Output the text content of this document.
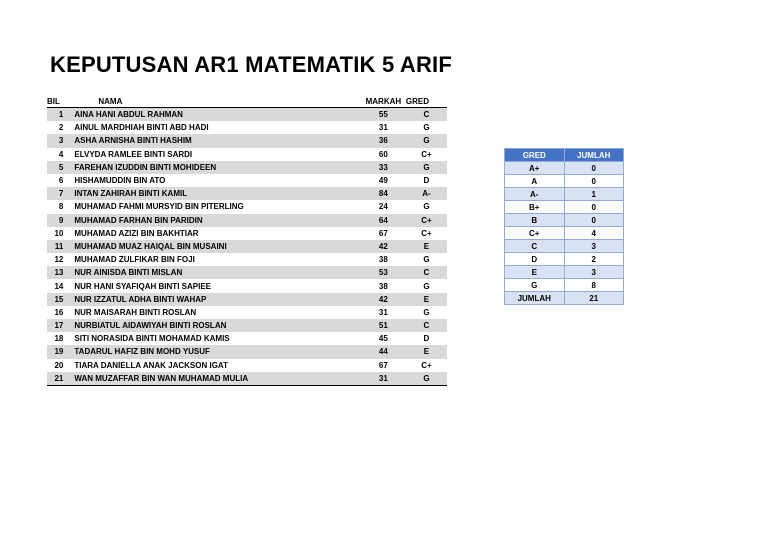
KEPUTUSAN AR1 MATEMATIK 5 ARIF
BIL	NAMA	MARKAH	GRED
1	AINA HANI ABDUL RAHMAN	55	C
2	AINUL MARDHIAH BINTI ABD HADI	31	G
3	ASHA ARNISHA BINTI HASHIM	36	G
4	ELVYDA RAMLEE BINTI SARDI	60	C+
5	FAREHAN IZUDDIN BINTI MOHIDEEN	33	G
6	HISHAMUDDIN BIN ATO	49	D
7	INTAN ZAHIRAH BINTI KAMIL	84	A-
8	MUHAMAD FAHMI MURSYID BIN PITERLING	24	G
9	MUHAMAD FARHAN BIN PARIDIN	64	C+
10	MUHAMAD AZIZI BIN BAKHTIAR	67	C+
11	MUHAMAD MUAZ HAIQAL BIN MUSAINI	42	E
12	MUHAMAD ZULFIKAR BIN FOJI	38	G
13	NUR AINISDA BINTI MISLAN	53	C
14	NUR HANI SYAFIQAH BINTI SAPIEE	38	G
15	NUR IZZATUL ADHA BINTI WAHAP	42	E
16	NUR MAISARAH BINTI ROSLAN	31	G
17	NURBIATUL AIDAWIYAH BINTI ROSLAN	51	C
18	SITI NORASIDA BINTI MOHAMAD KAMIS	45	D
19	TADARUL HAFIZ BIN MOHD YUSUF	44	E
20	TIARA DANIELLA ANAK JACKSON IGAT	67	C+
21	WAN MUZAFFAR BIN WAN MUHAMAD MULIA	31	G
GRED	JUMLAH
A+	0
A	0
A-	1
B+	0
B	0
C+	4
C	3
D	2
E	3
G	8
JUMLAH	21
